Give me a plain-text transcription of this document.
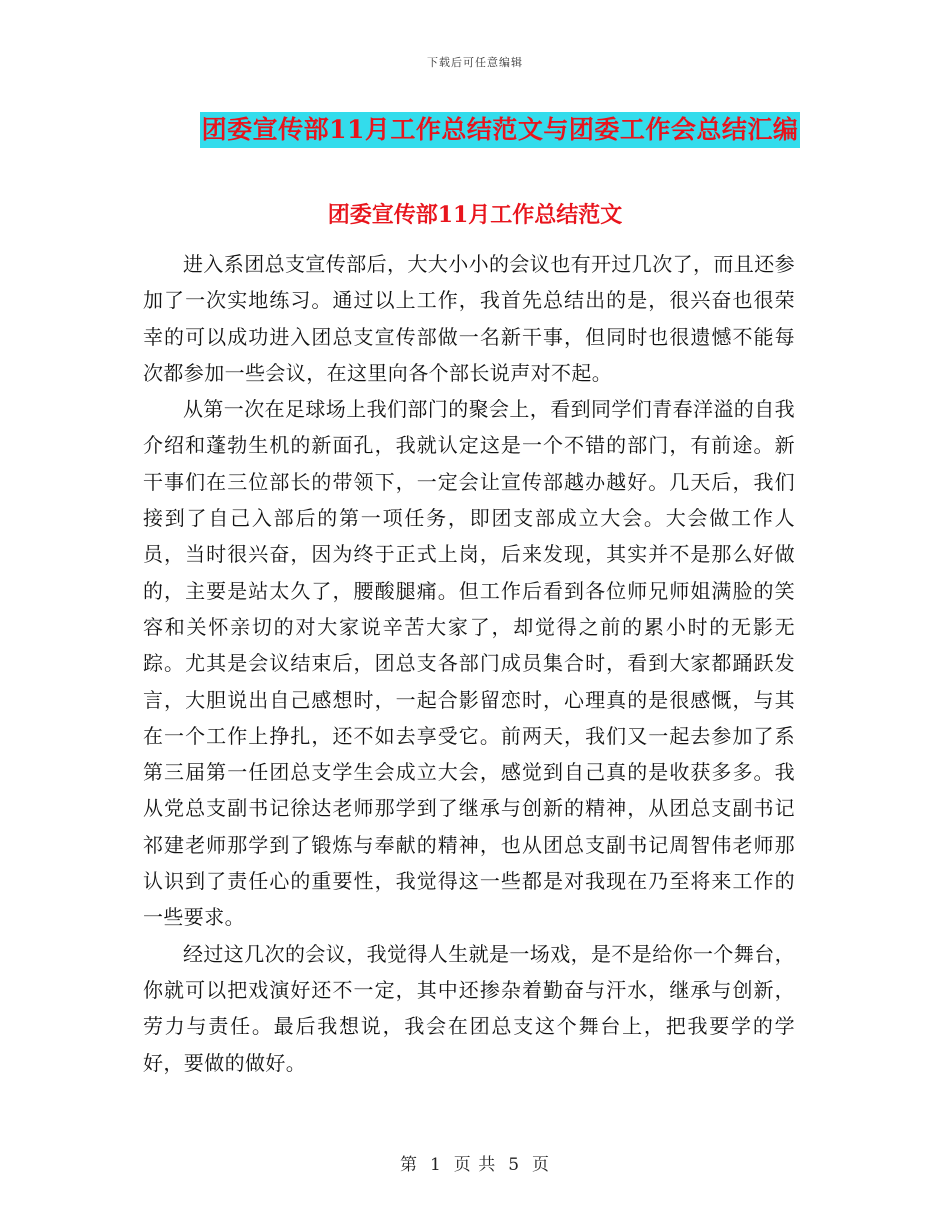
下载后可任意编辑
团委宣传部11月工作总结范文与团委工作会总结汇编
团委宣传部11月工作总结范文

进入系团总支宣传部后，大大小小的会议也有开过几次了，而且还参加了一次实地练习。通过以上工作，我首先总结出的是，很兴奋也很荣幸的可以成功进入团总支宣传部做一名新干事，但同时也很遗憾不能每次都参加一些会议，在这里向各个部长说声对不起。

从第一次在足球场上我们部门的聚会上，看到同学们青春洋溢的自我介绍和蓬勃生机的新面孔，我就认定这是一个不错的部门，有前途。新干事们在三位部长的带领下，一定会让宣传部越办越好。几天后，我们接到了自己入部后的第一项任务，即团支部成立大会。大会做工作人员，当时很兴奋，因为终于正式上岗，后来发现，其实并不是那么好做的，主要是站太久了，腰酸腿痛。但工作后看到各位师兄师姐满脸的笑容和关怀亲切的对大家说辛苦大家了，却觉得之前的累小时的无影无踪。尤其是会议结束后，团总支各部门成员集合时，看到大家都踊跃发言，大胆说出自己感想时，一起合影留恋时，心理真的是很感慨，与其在一个工作上挣扎，还不如去享受它。前两天，我们又一起去参加了系第三届第一任团总支学生会成立大会，感觉到自己真的是收获多多。我从党总支副书记徐达老师那学到了继承与创新的精神，从团总支副书记祁建老师那学到了锻炼与奉献的精神，也从团总支副书记周智伟老师那认识到了责任心的重要性，我觉得这一些都是对我现在乃至将来工作的一些要求。

经过这几次的会议，我觉得人生就是一场戏，是不是给你一个舞台，你就可以把戏演好还不一定，其中还掺杂着勤奋与汗水，继承与创新，劳力与责任。最后我想说，我会在团总支这个舞台上，把我要学的学好，要做的做好。

第 1 页 共 5 页
